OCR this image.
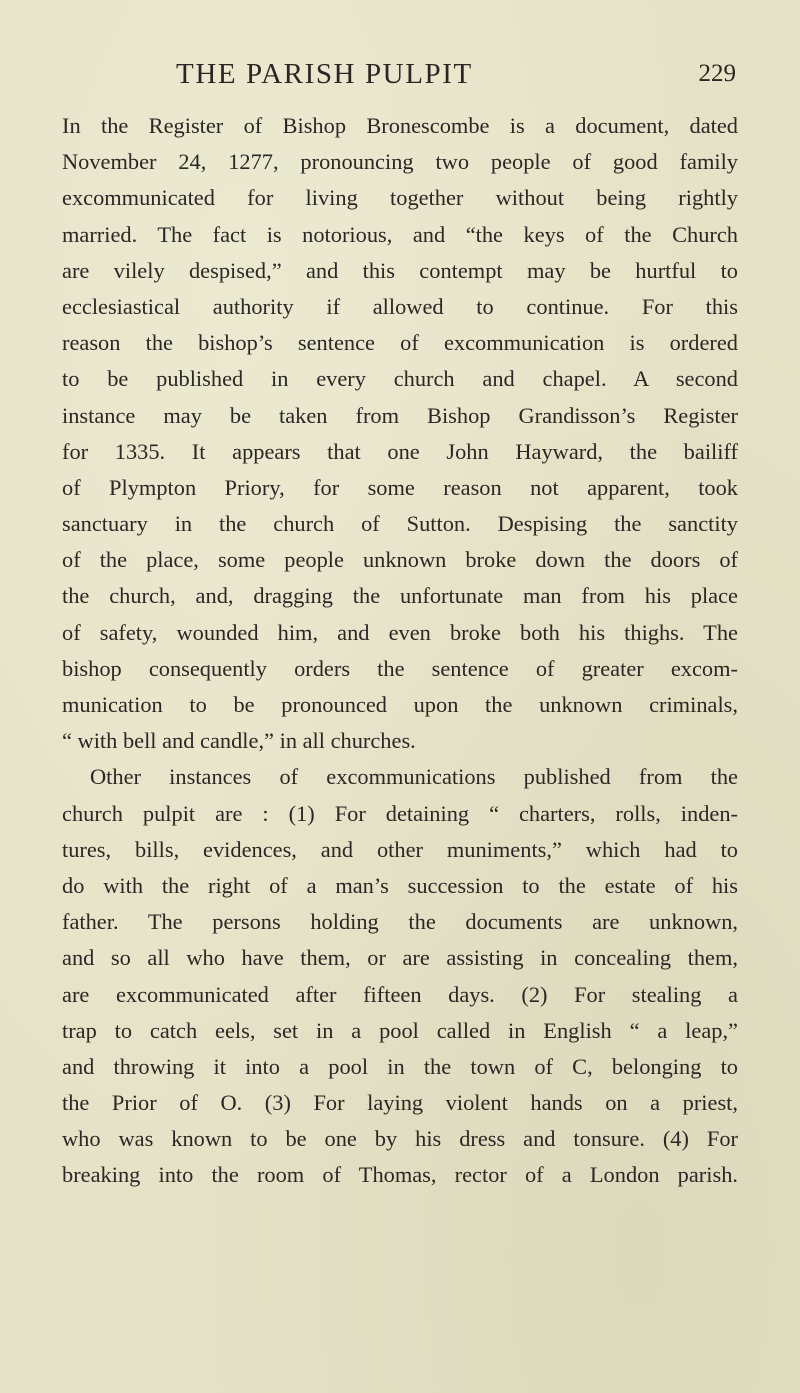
THE PARISH PULPIT	229
In the Register of Bishop Bronescombe is a document, dated
November 24, 1277, pronouncing two people of good family
excommunicated for living together without being rightly
married. The fact is notorious, and “the keys of the Church
are vilely despised,” and this contempt may be hurtful to
ecclesiastical authority if allowed to continue. For this
reason the bishop’s sentence of excommunication is ordered
to be published in every church and chapel. A second
instance may be taken from Bishop Grandisson’s Register
for 1335. It appears that one John Hayward, the bailiff
of Plympton Priory, for some reason not apparent, took
sanctuary in the church of Sutton. Despising the sanctity
of the place, some people unknown broke down the doors of
the church, and, dragging the unfortunate man from his place
of safety, wounded him, and even broke both his thighs. The
bishop consequently orders the sentence of greater excom-
munication to be pronounced upon the unknown criminals,
“ with bell and candle,” in all churches.
Other instances of excommunications published from the
church pulpit are : (1) For detaining “ charters, rolls, inden-
tures, bills, evidences, and other muniments,” which had to
do with the right of a man’s succession to the estate of his
father. The persons holding the documents are unknown,
and so all who have them, or are assisting in concealing them,
are excommunicated after fifteen days. (2) For stealing a
trap to catch eels, set in a pool called in English “ a leap,”
and throwing it into a pool in the town of C, belonging to
the Prior of O. (3) For laying violent hands on a priest,
who was known to be one by his dress and tonsure. (4) For
breaking into the room of Thomas, rector of a London parish.
